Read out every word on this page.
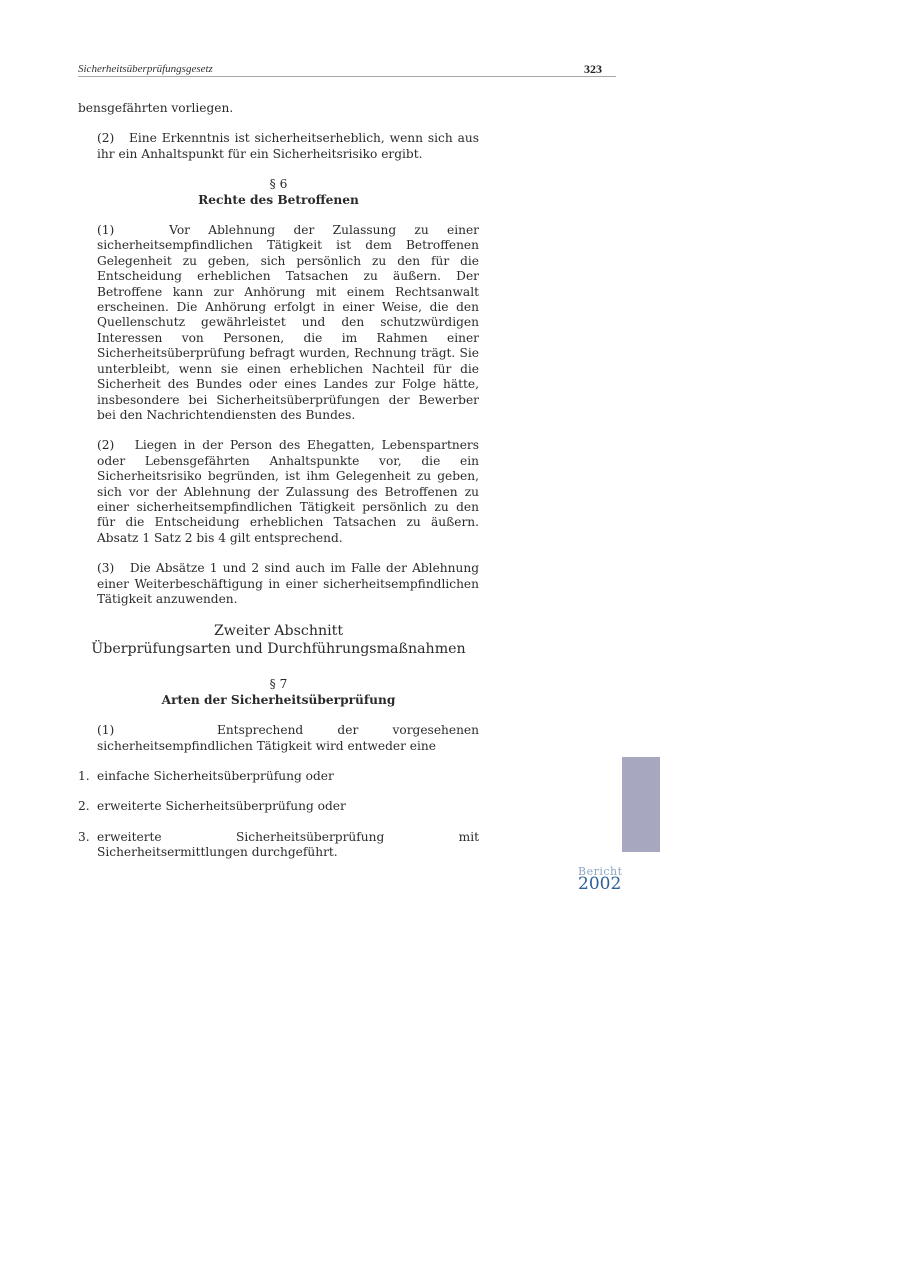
Sicherheitsüberprüfungsgesetz	323

bensgefährten vorliegen.

(2) Eine Erkenntnis ist sicherheitserheblich, wenn sich aus ihr ein Anhaltspunkt für ein Sicherheitsrisiko ergibt.

§ 6

Rechte des Betroffenen

(1)	Vor Ablehnung der Zulassung zu einer sicherheitsempfindlichen Tätigkeit ist dem Betroffenen Gelegenheit zu geben, sich persönlich zu den für die Entscheidung erheblichen Tatsachen zu äußern. Der Betroffene kann zur Anhörung mit einem Rechtsanwalt erscheinen. Die Anhörung erfolgt in einer Weise, die den Quellenschutz gewährleistet und den schutzwürdigen Interessen von Personen, die im Rahmen einer Sicherheitsüberprüfung befragt wurden, Rechnung trägt. Sie unterbleibt, wenn sie einen erheblichen Nachteil für die Sicherheit des Bundes oder eines Landes zur Folge hätte, insbesondere bei Sicherheitsüberprüfungen der Bewerber bei den Nachrichtendiensten des Bundes.

(2) Liegen in der Person des Ehegatten, Lebenspartners oder Lebensgefährten Anhaltspunkte vor, die ein Sicherheitsrisiko begründen, ist ihm Gelegenheit zu geben, sich vor der Ablehnung der Zulassung des Betroffenen zu einer sicherheitsempfindlichen Tätigkeit persönlich zu den für die Entscheidung erheblichen Tatsachen zu äußern. Absatz 1 Satz 2 bis 4 gilt entsprechend.

(3) Die Absätze 1 und 2 sind auch im Falle der Ablehnung einer Weiterbeschäftigung in einer sicherheitsempfindlichen Tätigkeit anzuwenden.

Zweiter Abschnitt
Überprüfungsarten und Durchführungsmaßnahmen

§ 7

Arten der Sicherheitsüberprüfung

(1)	Entsprechend der vorgesehenen sicherheitsempfindlichen Tätigkeit wird entweder eine

1. einfache Sicherheitsüberprüfung oder
2. erweiterte Sicherheitsüberprüfung oder
3. erweiterte Sicherheitsüberprüfung mit Sicherheitsermittlungen durchgeführt.
Bericht
2002
